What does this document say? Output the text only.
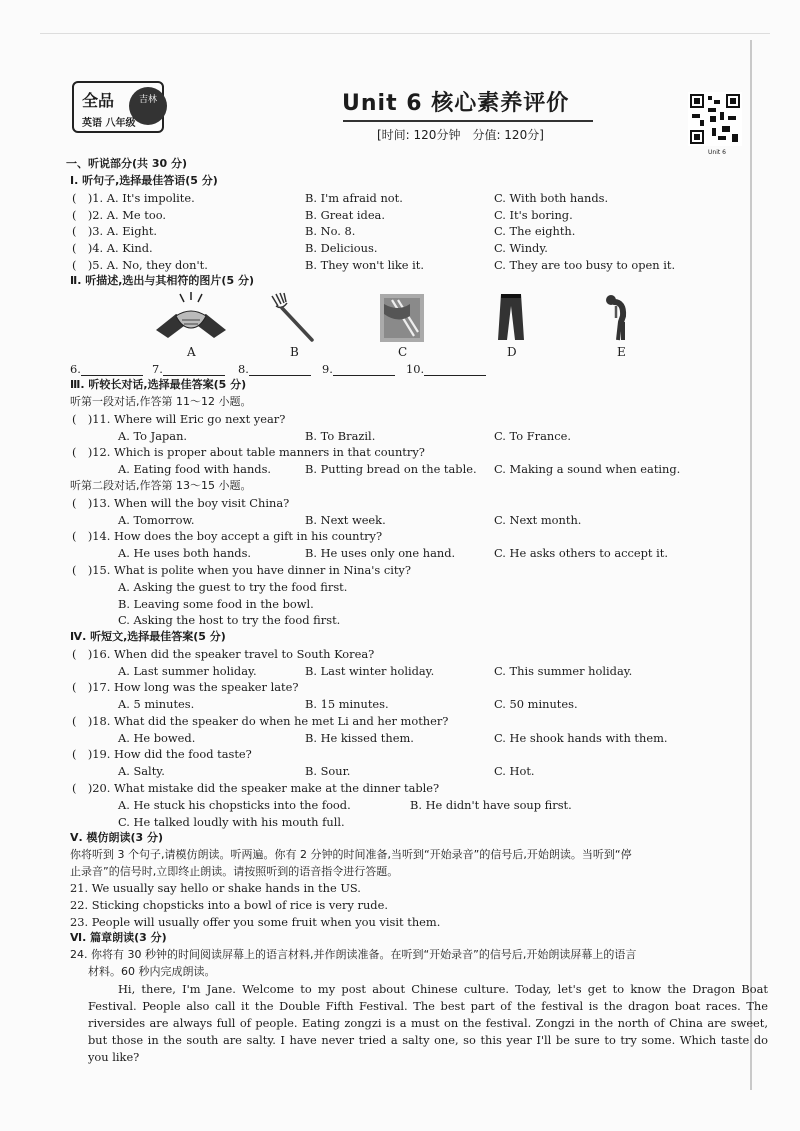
全品
英语 八年级
吉林	Unit 6 核心素养评价
[时间: 120分钟　分值: 120分]
Unit 6
一、听说部分(共 30 分)
Ⅰ. 听句子,选择最佳答语(5 分)
(　)1. A. It's impolite.	B. I'm afraid not.	C. With both hands.
(　)2. A. Me too.	B. Great idea.	C. It's boring.
(　)3. A. Eight.	B. No. 8.	C. The eighth.
(　)4. A. Kind.	B. Delicious.	C. Windy.
(　)5. A. No, they don't.	B. They won't like it.	C. They are too busy to open it.
Ⅱ. 听描述,选出与其相符的图片(5 分)
A	B	C	D	E
6.	7.	8.	9.	10.
Ⅲ. 听较长对话,选择最佳答案(5 分)
听第一段对话,作答第 11～12 小题。
(　)11. Where will Eric go next year?
A. To Japan.	B. To Brazil.	C. To France.
(　)12. Which is proper about table manners in that country?
A. Eating food with hands.	B. Putting bread on the table. C. Making a sound when eating.
听第二段对话,作答第 13～15 小题。
(　)13. When will the boy visit China?
A. Tomorrow.	B. Next week.	C. Next month.
(　)14. How does the boy accept a gift in his country?
A. He uses both hands.	B. He uses only one hand.	C. He asks others to accept it.
(　)15. What is polite when you have dinner in Nina's city?
A. Asking the guest to try the food first.
B. Leaving some food in the bowl.
C. Asking the host to try the food first.
Ⅳ. 听短文,选择最佳答案(5 分)
(　)16. When did the speaker travel to South Korea?
A. Last summer holiday.	B. Last winter holiday.	C. This summer holiday.
(　)17. How long was the speaker late?
A. 5 minutes.	B. 15 minutes.	C. 50 minutes.
(　)18. What did the speaker do when he met Li and her mother?
A. He bowed.	B. He kissed them.	C. He shook hands with them.
(　)19. How did the food taste?
A. Salty.	B. Sour.	C. Hot.
(　)20. What mistake did the speaker make at the dinner table?
A. He stuck his chopsticks into the food.	B. He didn't have soup first.
C. He talked loudly with his mouth full.
Ⅴ. 模仿朗读(3 分)
你将听到 3 个句子,请模仿朗读。听两遍。你有 2 分钟的时间准备,当听到“开始录音”的信号后,开始朗读。当听到“停
止录音”的信号时,立即终止朗读。请按照听到的语音指令进行答题。
21. We usually say hello or shake hands in the US.
22. Sticking chopsticks into a bowl of rice is very rude.
23. People will usually offer you some fruit when you visit them.
Ⅵ. 篇章朗读(3 分)
24. 你将有 30 秒钟的时间阅读屏幕上的语言材料,并作朗读准备。在听到“开始录音”的信号后,开始朗读屏幕上的语言
材料。60 秒内完成朗读。
Hi, there, I'm Jane. Welcome to my post about Chinese culture. Today, let's get to know the Dragon Boat Festival. People also call it the Double Fifth Festival. The best part of the festival is the dragon boat races. The riversides are always full of people. Eating zongzi is a must on the festival. Zongzi in the north of China are sweet, but those in the south are salty. I have never tried a salty one, so this year I'll be sure to try some. Which taste do you like?
